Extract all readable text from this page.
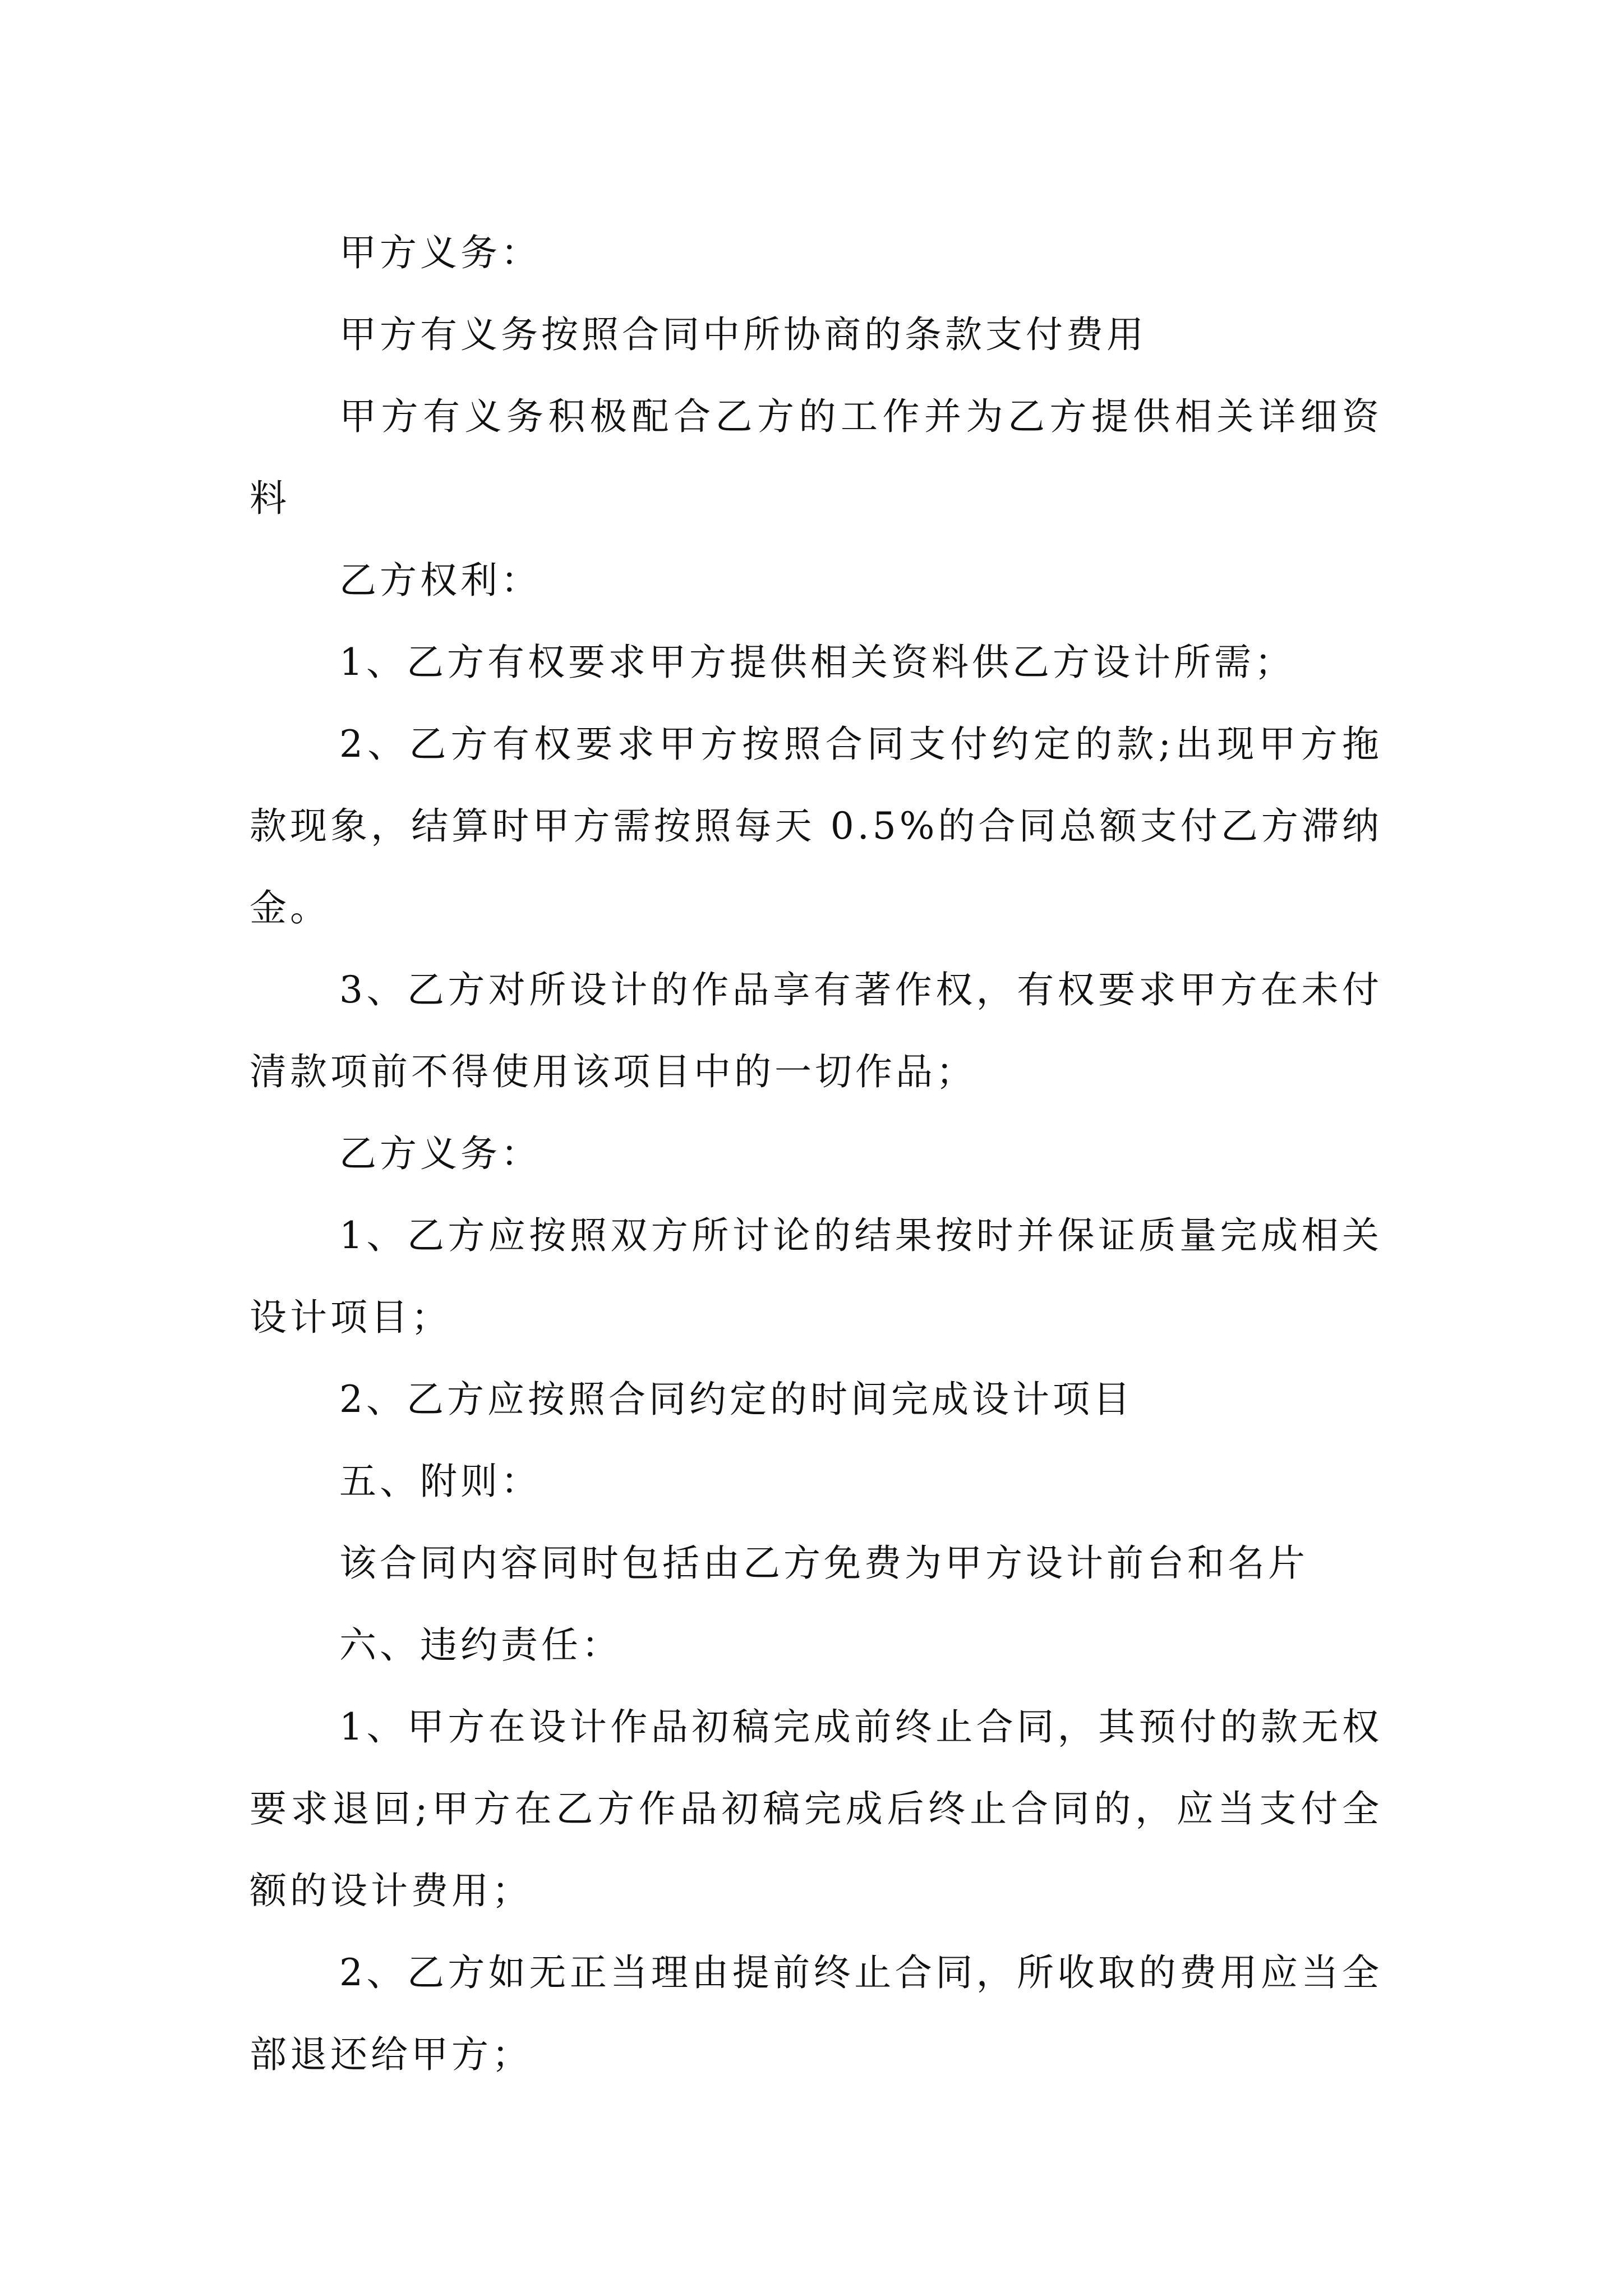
甲方义务：

甲方有义务按照合同中所协商的条款支付费用

甲方有义务积极配合乙方的工作并为乙方提供相关详细资料

乙方权利：

1、乙方有权要求甲方提供相关资料供乙方设计所需；

2、乙方有权要求甲方按照合同支付约定的款;出现甲方拖款现象，结算时甲方需按照每天 0.5%的合同总额支付乙方滞纳金。

3、乙方对所设计的作品享有著作权，有权要求甲方在未付清款项前不得使用该项目中的一切作品；

乙方义务：

1、乙方应按照双方所讨论的结果按时并保证质量完成相关设计项目；

2、乙方应按照合同约定的时间完成设计项目

五、附则：

该合同内容同时包括由乙方免费为甲方设计前台和名片

六、违约责任：

1、甲方在设计作品初稿完成前终止合同，其预付的款无权要求退回;甲方在乙方作品初稿完成后终止合同的，应当支付全额的设计费用；

2、乙方如无正当理由提前终止合同，所收取的费用应当全部退还给甲方；
